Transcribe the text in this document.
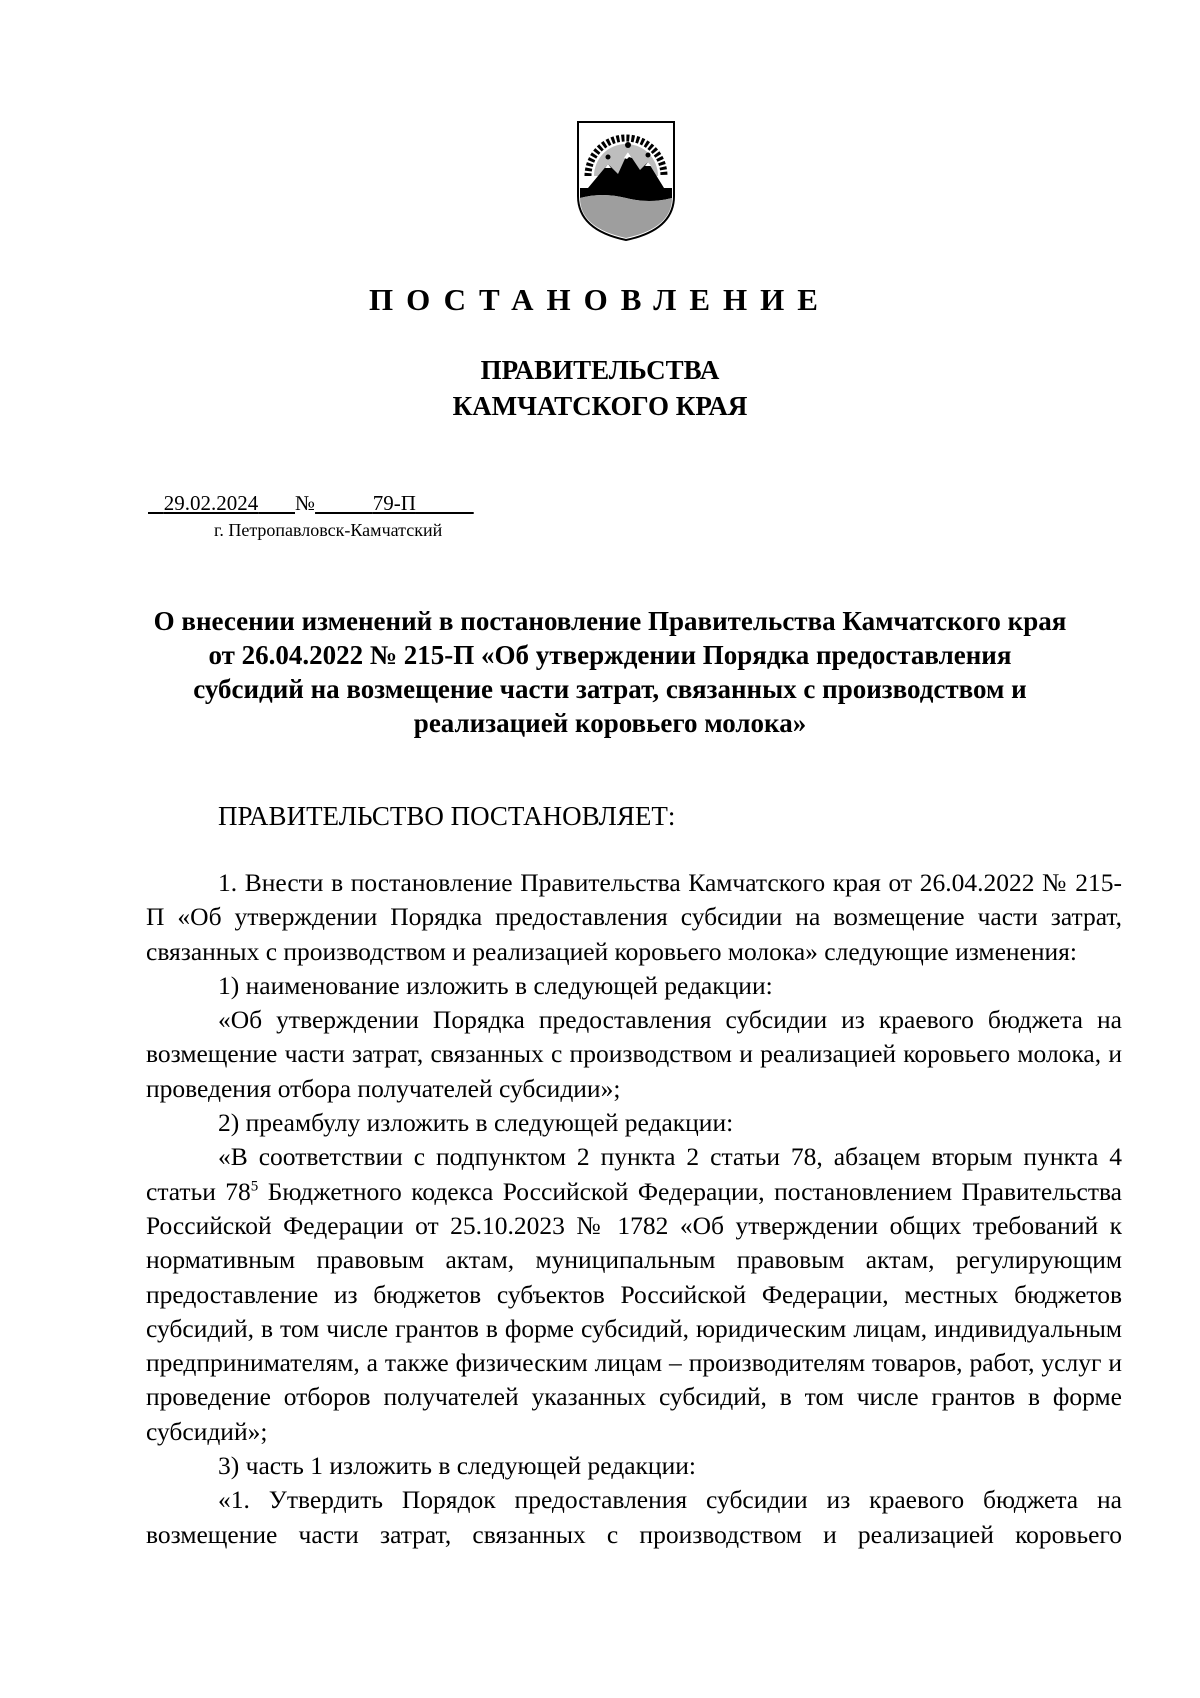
ПОСТАНОВЛЕНИЕ
ПРАВИТЕЛЬСТВА
КАМЧАТСКОГО КРАЯ
29.02.2024 №	79-П
г. Петропавловск-Камчатский
О внесении изменений в постановление Правительства Камчатского края от 26.04.2022 № 215-П «Об утверждении Порядка предоставления субсидий на возмещение части затрат, связанных с производством и реализацией коровьего молока»
ПРАВИТЕЛЬСТВО ПОСТАНОВЛЯЕТ:

1. Внести в постановление Правительства Камчатского края от 26.04.2022 № 215-П «Об утверждении Порядка предоставления субсидии на возмещение части затрат, связанных с производством и реализацией коровьего молока» следующие изменения:

1) наименование изложить в следующей редакции:

«Об утверждении Порядка предоставления субсидии из краевого бюджета на возмещение части затрат, связанных с производством и реализацией коровьего молока, и проведения отбора получателей субсидии»;

2) преамбулу изложить в следующей редакции:

«В соответствии с подпунктом 2 пункта 2 статьи 78, абзацем вторым пункта 4 статьи $78^5$ Бюджетного кодекса Российской Федерации, постановлением Правительства Российской Федерации от 25.10.2023 № 1782 «Об утверждении общих требований к нормативным правовым актам, муниципальным правовым актам, регулирующим предоставление из бюджетов субъектов Российской Федерации, местных бюджетов субсидий, в том числе грантов в форме субсидий, юридическим лицам, индивидуальным предпринимателям, а также физическим лицам – производителям товаров, работ, услуг и проведение отборов получателей указанных субсидий, в том числе грантов в форме субсидий»;

3) часть 1 изложить в следующей редакции:

«1. Утвердить Порядок предоставления субсидии из краевого бюджета на возмещение части затрат, связанных с производством и реализацией коровьего
